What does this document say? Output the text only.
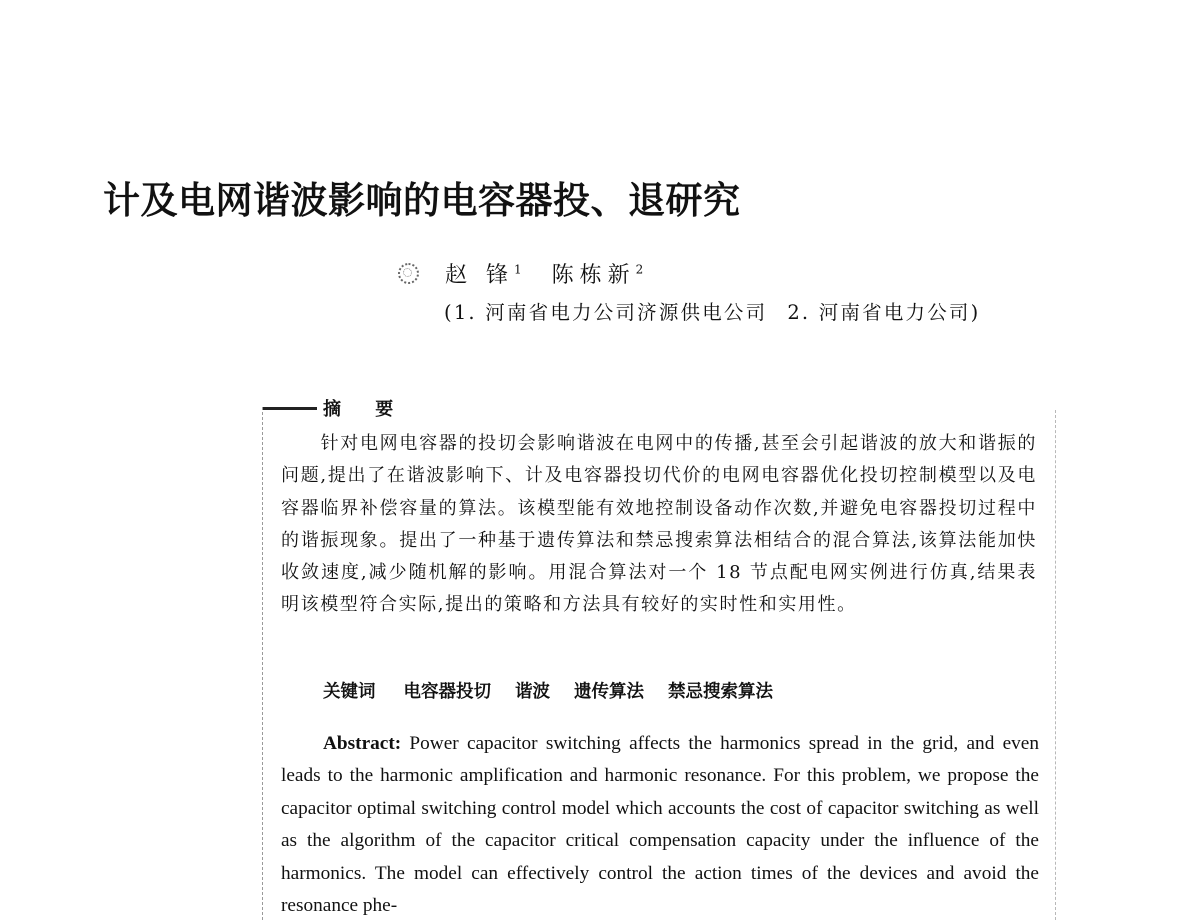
计及电网谐波影响的电容器投、退研究
赵 锋$^1$ 陈栋新$^2$
(1. 河南省电力公司济源供电公司 2. 河南省电力公司)
摘 要

针对电网电容器的投切会影响谐波在电网中的传播,甚至会引起谐波的放大和谐振的问题,提出了在谐波影响下、计及电容器投切代价的电网电容器优化投切控制模型以及电容器临界补偿容量的算法。该模型能有效地控制设备动作次数,并避免电容器投切过程中的谐振现象。提出了一种基于遗传算法和禁忌搜索算法相结合的混合算法,该算法能加快收敛速度,减少随机解的影响。用混合算法对一个 18 节点配电网实例进行仿真,结果表明该模型符合实际,提出的策略和方法具有较好的实时性和实用性。

关键词 电容器投切 谐波 遗传算法 禁忌搜索算法

Abstract: Power capacitor switching affects the harmonics spread in the grid, and even leads to the harmonic amplification and harmonic resonance. For this problem, we propose the capacitor optimal switching control model which accounts the cost of capacitor switching as well as the algorithm of the capacitor critical compensation capacity under the influence of the harmonics. The model can effectively control the action times of the devices and avoid the resonance phe-
